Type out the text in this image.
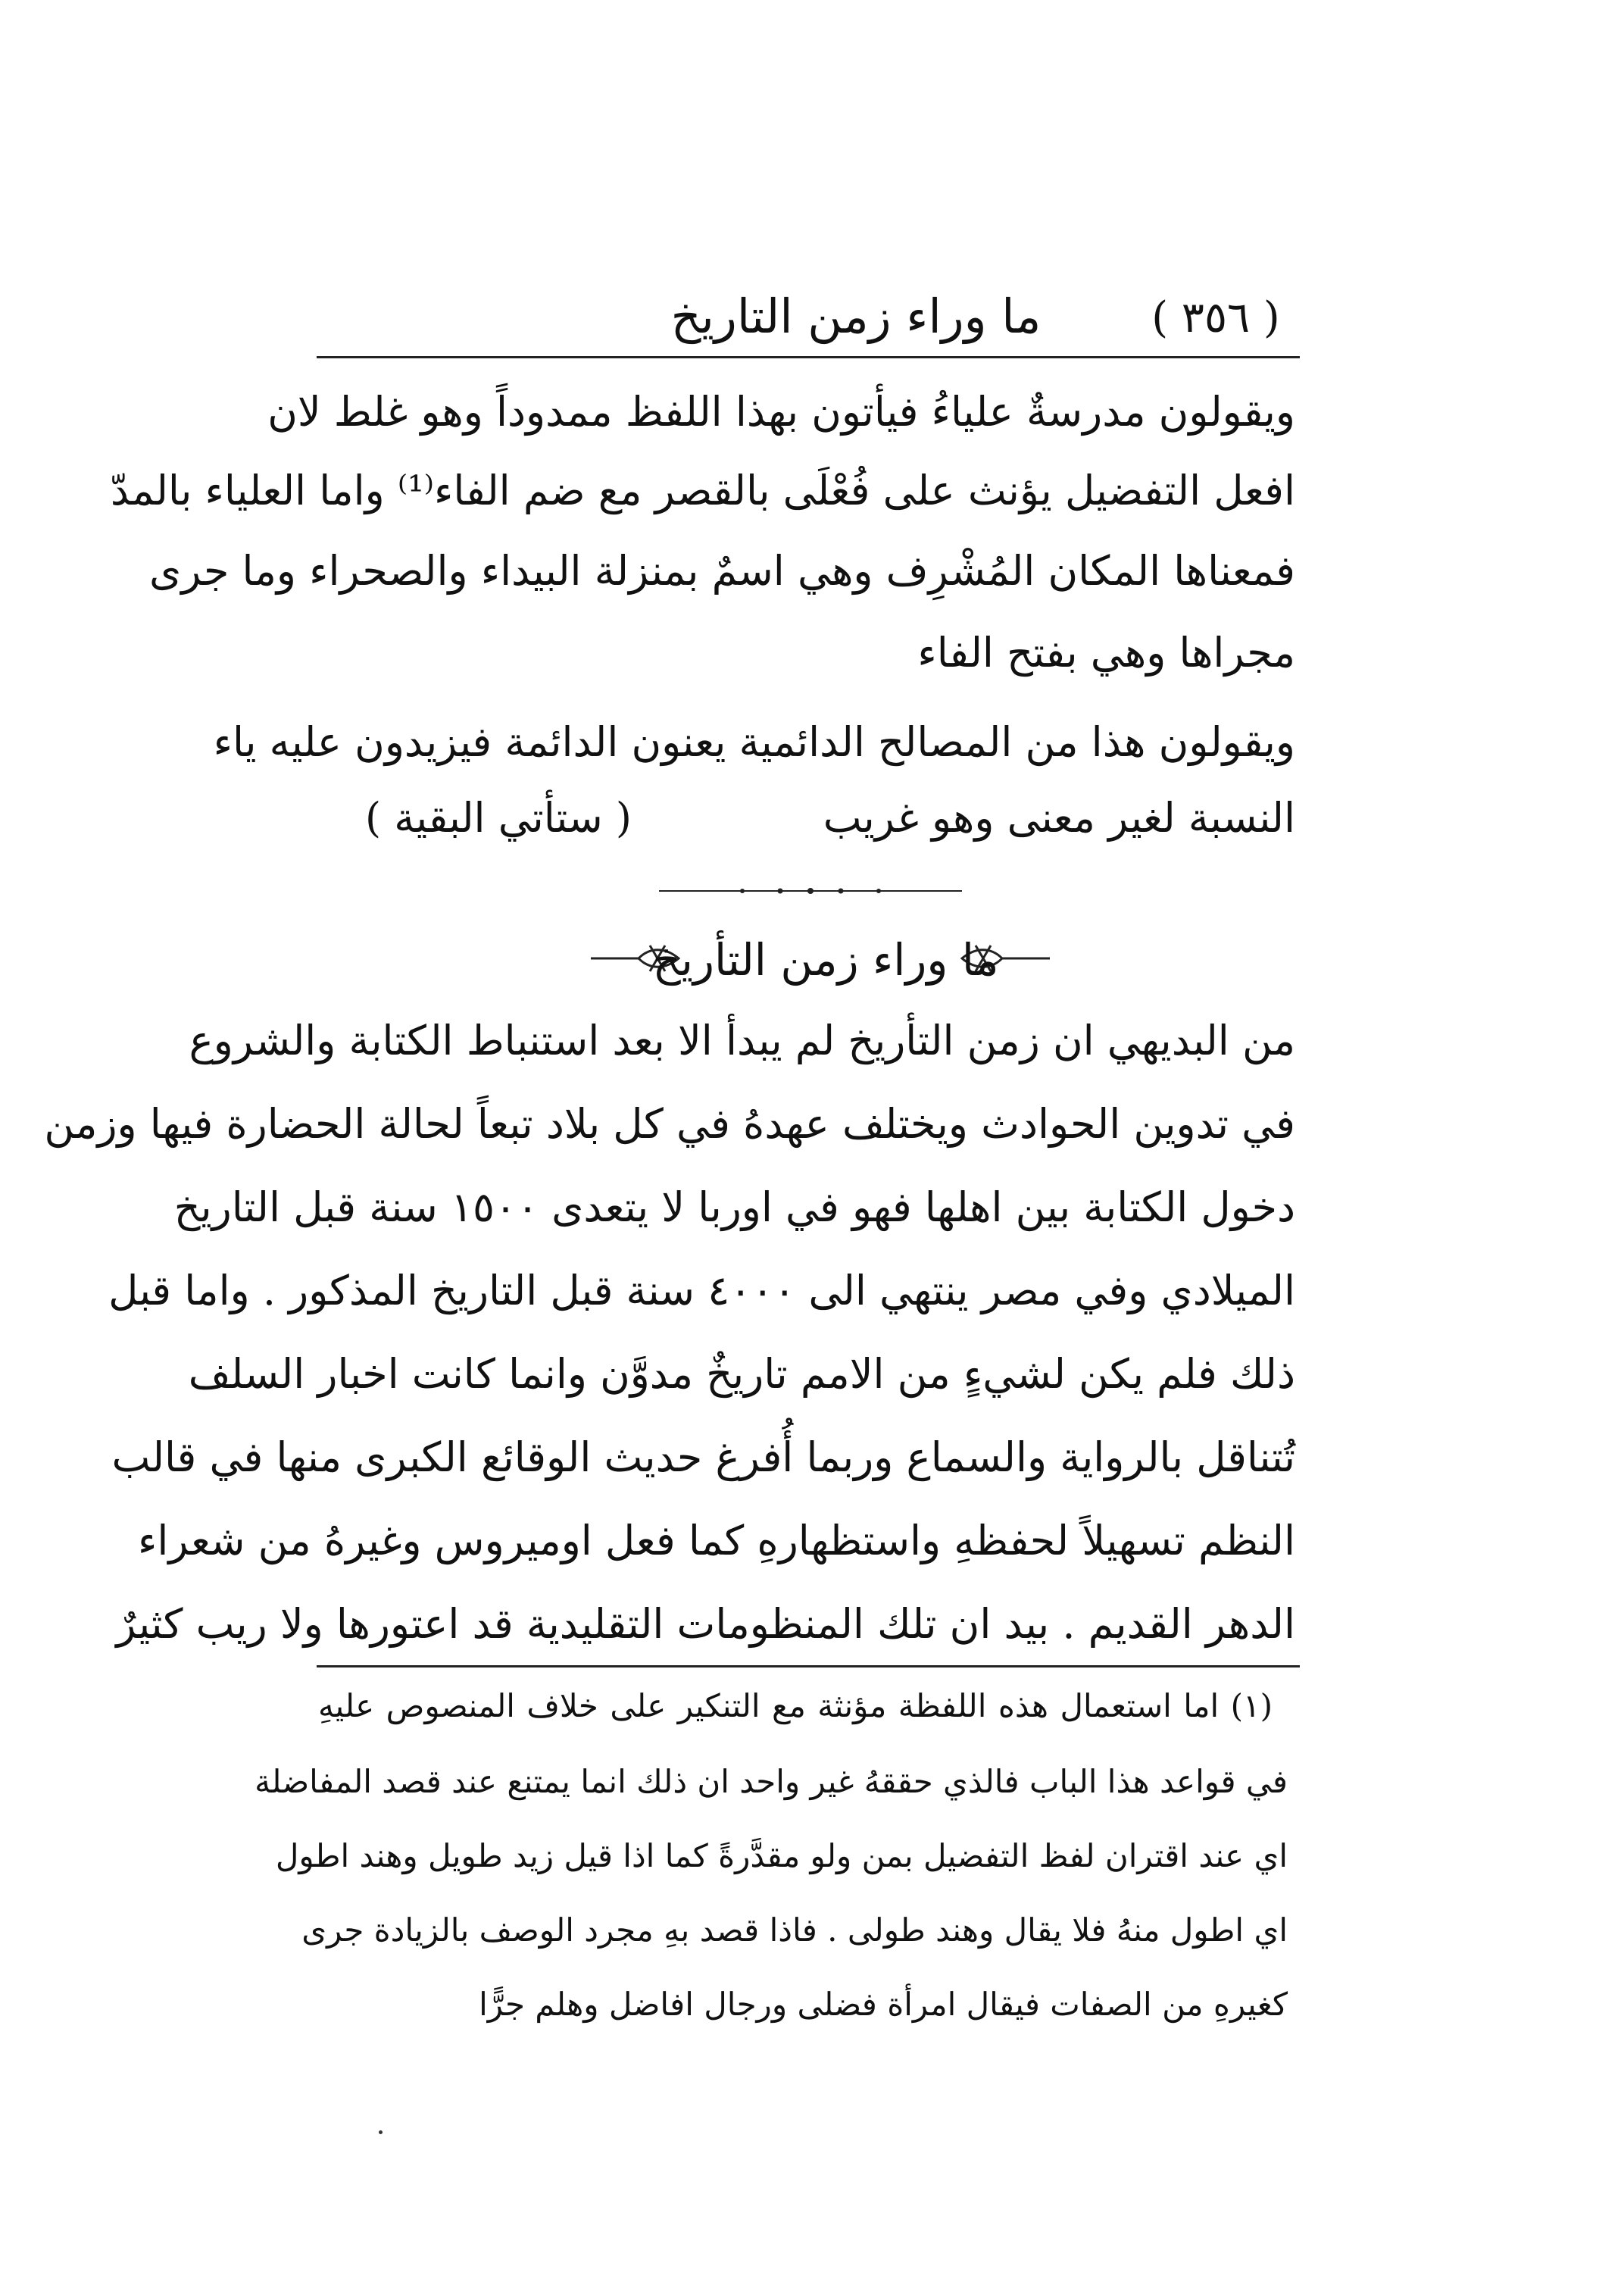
( ٣٥٦ )
ما وراء زمن التاريخ
ويقولون مدرسةٌ علياءُ فيأتون بهذا اللفظ ممدوداً وهو غلط لان
افعل التفضيل يؤنث على فُعْلَى بالقصر مع ضم الفاء⁽¹⁾ واما العلياء بالمدّ
فمعناها المكان المُشْرِف وهي اسمٌ بمنزلة البيداء والصحراء وما جرى
مجراها وهي بفتح الفاء
ويقولون هذا من المصالح الدائمية يعنون الدائمة فيزيدون عليه ياء
النسبة لغير معنى وهو غريب
( ستأتي البقية )
ما وراء زمن التأريخ
من البديهي ان زمن التأريخ لم يبدأ الا بعد استنباط الكتابة والشروع
في تدوين الحوادث ويختلف عهدهُ في كل بلاد تبعاً لحالة الحضارة فيها وزمن
دخول الكتابة بين اهلها فهو في اوربا لا يتعدى ١٥٠٠ سنة قبل التاريخ
الميلادي وفي مصر ينتهي الى ٤٠٠٠ سنة قبل التاريخ المذكور . واما قبل
ذلك فلم يكن لشيءٍ من الامم تاريخٌ مدوَّن وانما كانت اخبار السلف
تُتناقل بالرواية والسماع وربما أُفرغ حديث الوقائع الكبرى منها في قالب
النظم تسهيلاً لحفظهِ واستظهارهِ كما فعل اوميروس وغيرهُ من شعراء
الدهر القديم . بيد ان تلك المنظومات التقليدية قد اعتورها ولا ريب كثيرٌ
(١) اما استعمال هذه اللفظة مؤنثة مع التنكير على خلاف المنصوص عليهِ
في قواعد هذا الباب فالذي حققهُ غير واحد ان ذلك انما يمتنع عند قصد المفاضلة
اي عند اقتران لفظ التفضيل بمن ولو مقدَّرةً كما اذا قيل زيد طويل وهند اطول
اي اطول منهُ فلا يقال وهند طولى . فاذا قصد بهِ مجرد الوصف بالزيادة جرى
كغيرهِ من الصفات فيقال امرأة فضلى ورجال افاضل وهلم جرًّا
